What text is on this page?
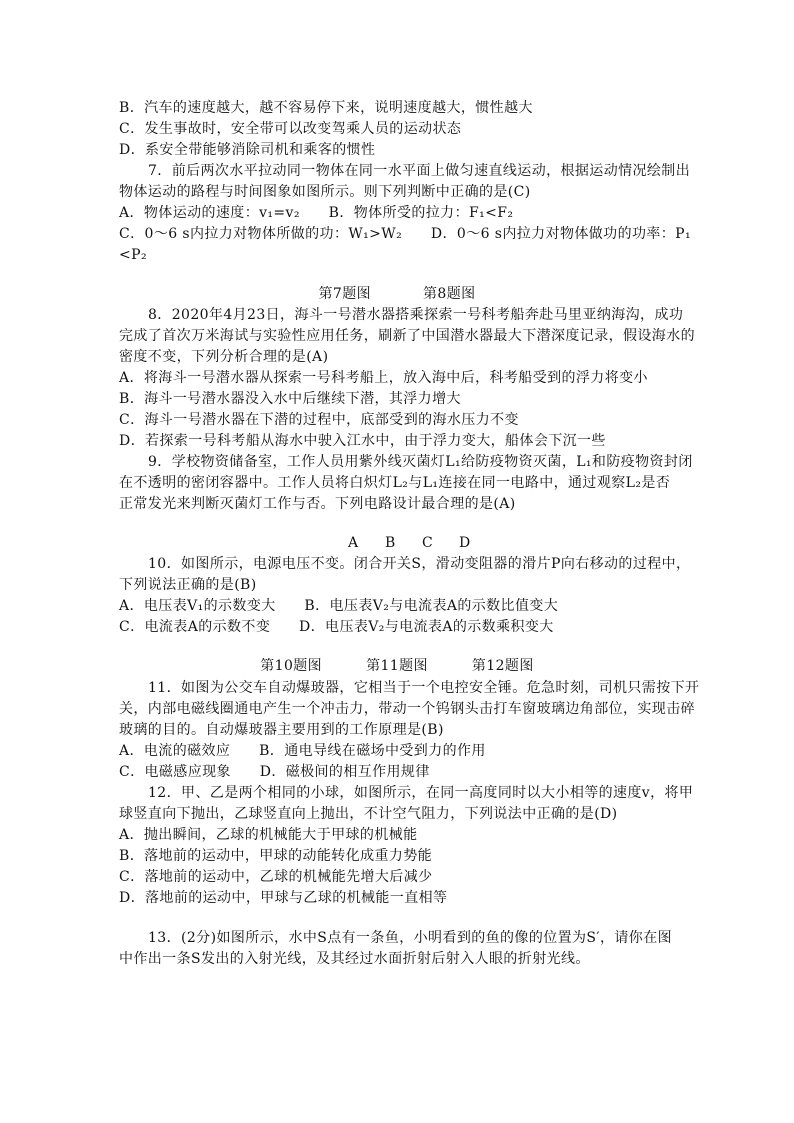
B．汽车的速度越大，越不容易停下来，说明速度越大，惯性越大
C．发生事故时，安全带可以改变驾乘人员的运动状态
D．系安全带能够消除司机和乘客的惯性
7．前后两次水平拉动同一物体在同一水平面上做匀速直线运动，根据运动情况绘制出
物体运动的路程与时间图象如图所示。则下列判断中正确的是(C)
A．物体运动的速度：v₁=v₂　　B．物体所受的拉力：F₁<F₂
C．0～6 s内拉力对物体所做的功：W₁>W₂　　D．0～6 s内拉力对物体做功的功率：P₁
<P₂
第7题图	第8题图
8．2020年4月23日，海斗一号潜水器搭乘探索一号科考船奔赴马里亚纳海沟，成功
完成了首次万米海试与实验性应用任务，刷新了中国潜水器最大下潜深度记录，假设海水的
密度不变，下列分析合理的是(A)
A．将海斗一号潜水器从探索一号科考船上，放入海中后，科考船受到的浮力将变小
B．海斗一号潜水器没入水中后继续下潜，其浮力增大
C．海斗一号潜水器在下潜的过程中，底部受到的海水压力不变
D．若探索一号科考船从海水中驶入江水中，由于浮力变大，船体会下沉一些
9．学校物资储备室，工作人员用紫外线灭菌灯L₁给防疫物资灭菌，L₁和防疫物资封闭
在不透明的密闭容器中。工作人员将白炽灯L₂与L₁连接在同一电路中，通过观察L₂是否
正常发光来判断灭菌灯工作与否。下列电路设计最合理的是(A)
A B C D
10．如图所示，电源电压不变。闭合开关S，滑动变阻器的滑片P向右移动的过程中，
下列说法正确的是(B)
A．电压表V₁的示数变大　　B．电压表V₂与电流表A的示数比值变大
C．电流表A的示数不变　　D．电压表V₂与电流表A的示数乘积变大
第10题图	第11题图	第12题图
11．如图为公交车自动爆玻器，它相当于一个电控安全锤。危急时刻，司机只需按下开
关，内部电磁线圈通电产生一个冲击力，带动一个钨钢头击打车窗玻璃边角部位，实现击碎
玻璃的目的。自动爆玻器主要用到的工作原理是(B)
A．电流的磁效应　　B．通电导线在磁场中受到力的作用
C．电磁感应现象　　D．磁极间的相互作用规律
12．甲、乙是两个相同的小球，如图所示，在同一高度同时以大小相等的速度v，将甲
球竖直向下抛出，乙球竖直向上抛出，不计空气阻力，下列说法中正确的是(D)
A．抛出瞬间，乙球的机械能大于甲球的机械能
B．落地前的运动中，甲球的动能转化成重力势能
C．落地前的运动中，乙球的机械能先增大后减少
D．落地前的运动中，甲球与乙球的机械能一直相等
13．(2分)如图所示，水中S点有一条鱼，小明看到的鱼的像的位置为S′，请你在图
中作出一条S发出的入射光线，及其经过水面折射后射入人眼的折射光线。
